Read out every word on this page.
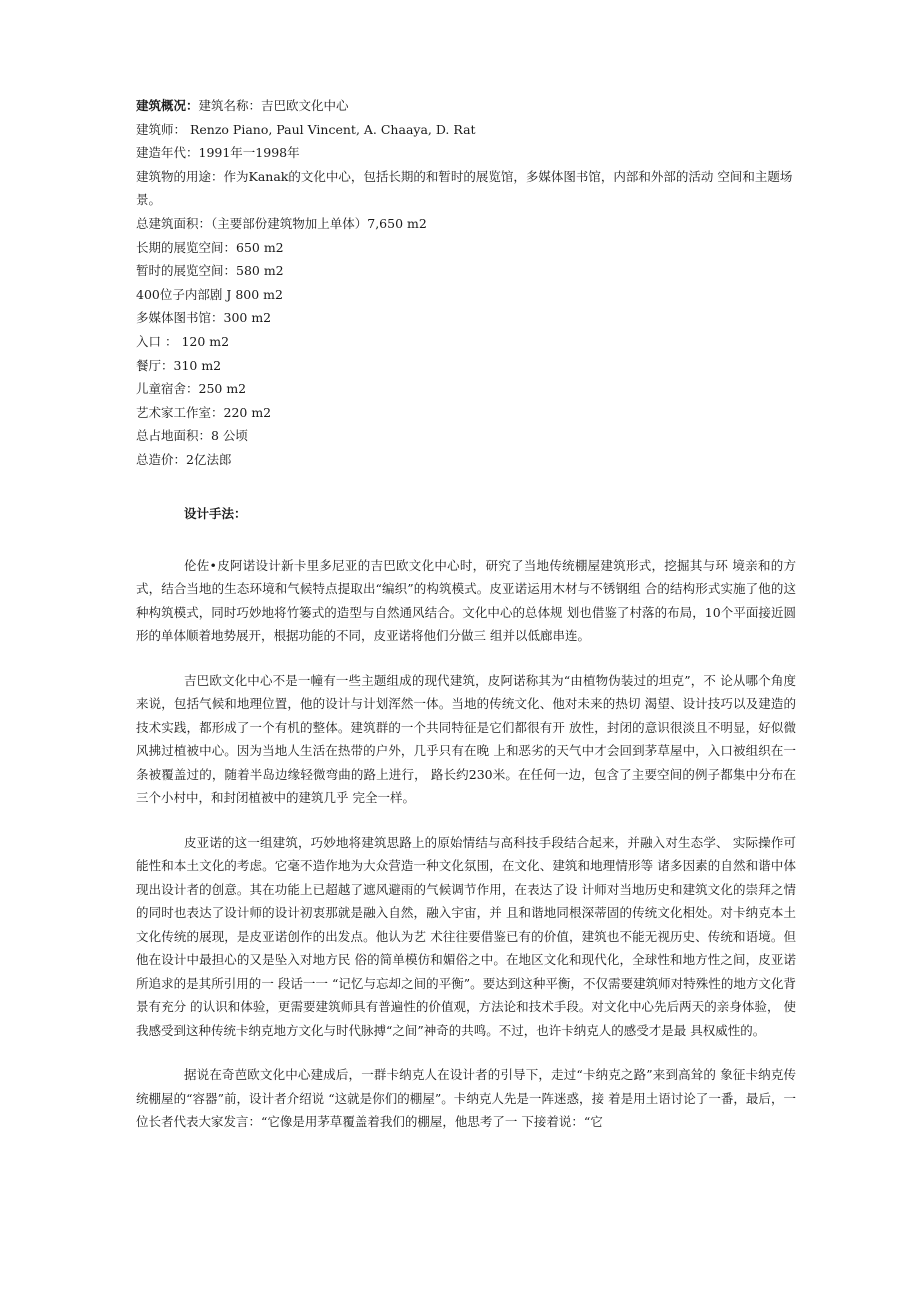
建筑概况：建筑名称：吉巴欧文化中心
建筑师： Renzo Piano, Paul Vincent, A. Chaaya, D. Rat
建造年代：1991年一1998年
建筑物的用途：作为Kanak的文化中心，包括长期的和暂时的展览馆，多媒体图书馆，内部和外部的活动 空间和主题场景。
总建筑面积：（主要部份建筑物加上单体）7,650 m2
长期的展览空间：650 m2
暂时的展览空间：580 m2
400位子内部剧 J 800 m2
多媒体图书馆：300 m2
入口 ： 120 m2
餐厅：310 m2
儿童宿舍：250 m2
艺术家工作室：220 m2
总占地面积：8 公顷
总造价：2亿法郎
设计手法：

伦佐•皮阿诺设计新卡里多尼亚的吉巴欧文化中心时，研究了当地传统棚屋建筑形式，挖掘其与环 境亲和的方式，结合当地的生态环境和气候特点提取出“编织”的构筑模式。皮亚诺运用木材与不锈钢组 合的结构形式实施了他的这种构筑模式，同时巧妙地将竹篓式的造型与自然通风结合。文化中心的总体规 划也借鉴了村落的布局，10个平面接近圆形的单体顺着地势展开，根据功能的不同，皮亚诺将他们分做三 组并以低廊串连。

吉巴欧文化中心不是一幢有一些主题组成的现代建筑，皮阿诺称其为“由植物伪装过的坦克”，不 论从哪个角度来说，包括气候和地理位置，他的设计与计划浑然一体。当地的传统文化、他对未来的热切 渴望、设计技巧以及建造的技术实践，都形成了一个有机的整体。建筑群的一个共同特征是它们都很有开 放性，封闭的意识很淡且不明显，好似微风拂过植被中心。因为当地人生活在热带的户外，几乎只有在晚 上和恶劣的天气中才会回到茅草屋中，入口被组织在一条被覆盖过的，随着半岛边缘轻微弯曲的路上进行， 路长约230米。在任何一边，包含了主要空间的例子都集中分布在三个小村中，和封闭植被中的建筑几乎 完全一样。

皮亚诺的这一组建筑，巧妙地将建筑思路上的原始情结与高科技手段结合起来，并融入对生态学、 实际操作可能性和本土文化的考虑。它毫不造作地为大众营造一种文化氛围，在文化、建筑和地理情形等 诸多因素的自然和谐中体现出设计者的创意。其在功能上已超越了遮风避雨的气候调节作用，在表达了设 计师对当地历史和建筑文化的崇拜之情的同时也表达了设计师的设计初衷那就是融入自然，融入宇宙，并 且和谐地同根深蒂固的传统文化相处。对卡纳克本土文化传统的展现，是皮亚诺创作的出发点。他认为艺 术往往要借鉴已有的价值，建筑也不能无视历史、传统和语境。但他在设计中最担心的又是坠入对地方民 俗的简单模仿和媚俗之中。在地区文化和现代化，全球性和地方性之间，皮亚诺所追求的是其所引用的一 段话一一 “记忆与忘却之间的平衡”。要达到这种平衡，不仅需要建筑师对特殊性的地方文化背景有充分 的认识和体验，更需要建筑师具有普遍性的价值观，方法论和技术手段。对文化中心先后两天的亲身体验， 使我感受到这种传统卡纳克地方文化与时代脉搏“之间”神奇的共鸣。不过，也许卡纳克人的感受才是最 具权威性的。

据说在奇芭欧文化中心建成后，一群卡纳克人在设计者的引导下，走过“卡纳克之路”来到高耸的 象征卡纳克传统棚屋的“容器”前，设计者介绍说 “这就是你们的棚屋”。卡纳克人先是一阵迷惑，接 着是用土语讨论了一番，最后，一位长者代表大家发言：“它像是用茅草覆盖着我们的棚屋，他思考了一 下接着说：“它
